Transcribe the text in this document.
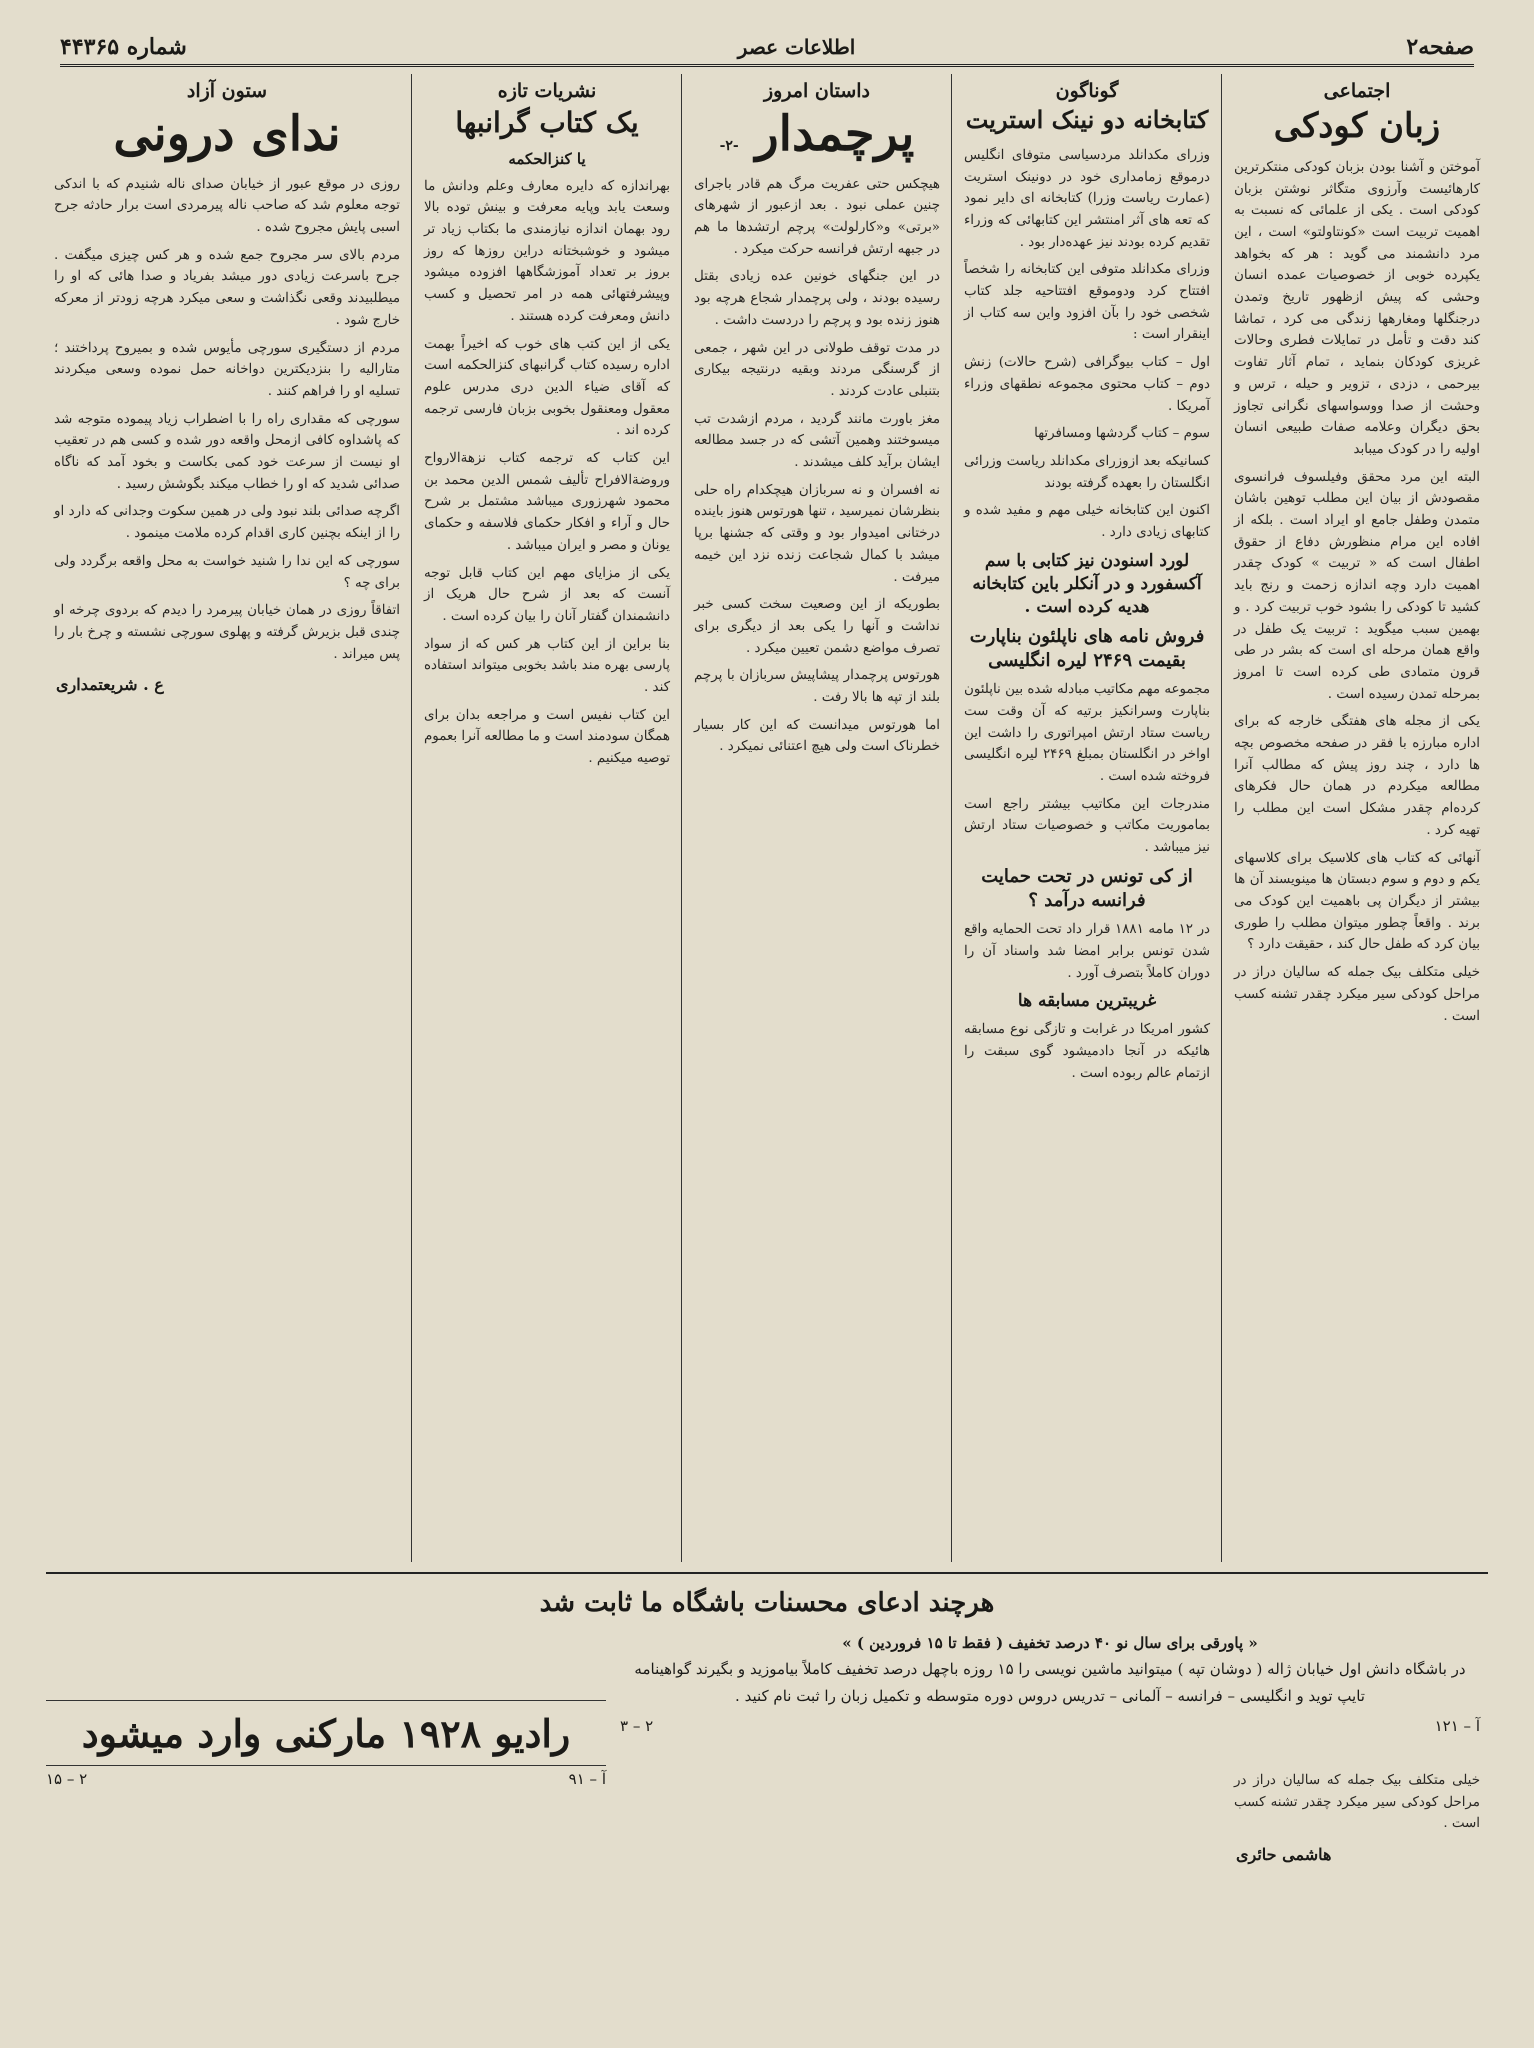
صفحه۲
اطلاعات عصر
شماره ۴۴۳۶۵
اجتماعی
زبان کودکی

آموختن و آشنا بودن بزبان کودکی منتکرترین کارهائیست وآرزوی متگاثر نوشتن بزبان کودکی است . یکی از علمائی که نسبت به اهمیت تربیت است «کونتاولتو» است ، این مرد دانشمند می گوید : هر که بخواهد یکپرده خوبی از خصوصیات عمده انسان وحشی که پیش ازظهور تاریخ وتمدن درجنگلها ومغارهها زندگی می کرد ، تماشا کند دقت و تأمل در تمایلات فطری وحالات غریزی کودکان بنماید ، تمام آثار تفاوت بیرحمی ، دزدی ، تزویر و حیله ، ترس و وحشت از صدا ووسواسهای نگرانی تجاوز بحق دیگران وعلامه صفات طبیعی انسان اولیه را در کودک میبابد

البته این مرد محقق وفیلسوف فرانسوی مقصودش از بیان این مطلب توهین باشان متمدن وطفل جامع او ایراد است . بلکه از افاده این مرام منظورش دفاع از حقوق اطفال است که « تربیت » کودک چقدر اهمیت دارد وچه اندازه زحمت و رنج باید کشید تا کودکی را بشود خوب تربیت کرد . و بهمین سبب میگوید : تربیت یک طفل در واقع همان مرحله ای است که بشر در طی قرون متمادی طی کرده است تا امروز بمرحله تمدن رسیده است .

یکی از مجله های هفتگی خارجه که برای اداره مبارزه با فقر در صفحه مخصوص بچه ها دارد ، چند روز پیش که مطالب آنرا مطالعه میکردم در همان حال فکرهای کرده‌ام چقدر مشکل است این مطلب را تهیه کرد .

آنهائی که کتاب های کلاسیک برای کلاسهای یکم و دوم و سوم دبستان ها مینویسند آن ها بیشتر از دیگران پی باهمیت این کودک می برند . واقعاً چطور میتوان مطلب را طوری بیان کرد که طفل حال کند ، حقیقت دارد ؟

خیلی متکلف بیک جمله که سالیان دراز در مراحل کودکی سیر میکرد چقدر تشنه کسب است .

گوناگون
کتابخانه دو نینک استریت

وزرای مکدانلد مردسیاسی متوفای انگلیس درموقع زمامداری خود در دونینک استریت (عمارت ریاست وزرا) کتابخانه ای دایر نمود که تعه های آثر امنتشر این کتابهائی که وزراء تقدیم کرده بودند نیز عهده‌دار بود .

وزرای مکدانلد متوفی این کتابخانه را شخصاً افتتاح کرد ودوموقع افتتاحیه جلد کتاب شخصی خود را بآن افزود واین سه کتاب از اینقرار است :

اول – کتاب بیوگرافی (شرح حالات) زنش دوم – کتاب محتوی مجموعه نطقهای وزراء آمریکا .

سوم – کتاب گردشها ومسافرتها

کسانیکه بعد ازوزرای مکدانلد ریاست وزرائی انگلستان را بعهده گرفته بودند

اکنون این کتابخانه خیلی مهم و مفید شده و کتابهای زیادی دارد .

لورد اسنودن نیز کتابی با سم آکسفورد و در آنکلر باین کتابخانه هدیه کرده است .
فروش نامه های ناپلئون بناپارت بقیمت ۲۴۶۹ لیره انگلیسی

مجموعه مهم مکاتیب مبادله شده بین ناپلئون بناپارت وسرانکیز برتیه که آن وقت ست ریاست ستاد ارتش امپراتوری را داشت این اواخر در انگلستان بمبلغ ۲۴۶۹ لیره انگلیسی فروخته شده است .

مندرجات این مکاتیب بیشتر راجع است بماموریت مکاتب و خصوصیات ستاد ارتش نیز میباشد .

از کی تونس در تحت حمایت فرانسه درآمد ؟

در ۱۲ مامه ۱۸۸۱ قرار داد تحت الحمایه واقع شدن تونس برابر امضا شد واسناد آن را دوران کاملاً بتصرف آورد .

غریبترین مسابقه ها

کشور امریکا در غرابت و تازگی نوع مسابقه هائیکه در آنجا دادمیشود گوی سبقت را ازتمام عالم ربوده است .

داستان امروز
پرچمدار -۲-

هیچکس حتی عفریت مرگ هم قادر باجرای چنین عملی نبود . بعد ازعبور از شهرهای «برتی» و«کارلولت» پرچم ارتشدها ما هم در جبهه ارتش فرانسه حرکت میکرد .

در این جنگهای خونین عده زیادی بقتل رسیده بودند ، ولی پرچمدار شجاع هرچه بود هنوز زنده بود و پرچم را دردست داشت .

در مدت توقف طولانی در این شهر ، جمعی از گرسنگی مردند وبقیه درنتیجه بیکاری بتنبلی عادت کردند .

مغز باورت مانند گردید ، مردم ازشدت تب میسوختند وهمین آتشی که در جسد مطالعه ایشان برآید کلف میشدند .

نه افسران و نه سربازان هیچکدام راه حلی بنظرشان نمیرسید ، تنها هورتوس هنوز باینده درختانی امیدوار بود و وقتی که جشنها برپا میشد با کمال شجاعت زنده نزد این خیمه میرفت .

بطوریکه از این وصعیت سخت کسی خبر نداشت و آنها را یکی بعد از دیگری برای تصرف مواضع دشمن تعیین میکرد .

هورتوس پرچمدار پیشاپیش سربازان با پرچم بلند از تپه ها بالا رفت .

اما هورتوس میدانست که این کار بسیار خطرناک است ولی هیچ اعتنائی نمیکرد .

نشریات تازه
یک کتاب گرانبها
یا کنزالحکمه

بهراندازه که دایره معارف وعلم ودانش ما وسعت یابد وپایه معرفت و بینش توده بالا رود بهمان اندازه نیازمندی ما بکتاب زیاد تر میشود و خوشبختانه دراین روزها که روز بروز بر تعداد آموزشگاهها افزوده میشود وپیشرفتهائی همه در امر تحصیل و کسب دانش ومعرفت کرده هستند .

یکی از این کتب های خوب که اخیراً بهمت اداره رسیده کتاب گرانبهای کنزالحکمه است که آقای ضیاء الدین دری مدرس علوم معقول ومعنقول بخوبی بزبان فارسی ترجمه کرده اند .

این کتاب که ترجمه کتاب نزهةالارواح وروضةالافراح تألیف شمس الدین محمد بن محمود شهرزوری میباشد مشتمل بر شرح حال و آراء و افکار حکمای فلاسفه و حکمای یونان و مصر و ایران میباشد .

یکی از مزایای مهم این کتاب قابل توجه آنست که بعد از شرح حال هریک از دانشمندان گفتار آنان را بیان کرده است .

بنا براین از این کتاب هر کس که از سواد پارسی بهره مند باشد بخوبی میتواند استفاده کند .

این کتاب نفیس است و مراجعه بدان برای همگان سودمند است و ما مطالعه آنرا بعموم توصیه میکنیم .

ستون آزاد
ندای درونی

روزی در موقع عبور از خیابان صدای ناله شنیدم که با اندکی توجه معلوم شد که صاحب ناله پیرمردی است برار حادثه جرح اسبی پایش مجروح شده .

مردم بالای سر مجروح جمع شده و هر کس چیزی میگفت . جرح باسرعت زیادی دور میشد بفریاد و صدا هائی که او را میطلبیدند وقعی نگذاشت و سعی میکرد هرچه زودتر از معرکه خارج شود .

مردم از دستگیری سورچی مأیوس شده و بمیروح پرداختند ؛ متاراليه را بنزدیکترین دواخانه حمل نموده وسعی میکردند تسلیه او را فراهم کنند .

سورچی که مقداری راه را با اضطراب زیاد پیموده متوجه شد که پاشداوه کافی ازمحل واقعه دور شده و کسی هم در تعقیب او نیست از سرعت خود کمی بکاست و بخود آمد که ناگاه صدائی شدید که او را خطاب میکند بگوشش رسید .

اگرچه صدائی بلند نبود ولی در همین سکوت وجدانی که دارد او را از اینکه بچنین کاری اقدام کرده ملامت مینمود .

سورچی که این ندا را شنید خواست به محل واقعه برگردد ولی برای چه ؟

اتفاقاً روزی در همان خیابان پیرمرد را دیدم که بردوی چرخه او چندی قبل بزیرش گرفته و پهلوی سورچی نشسته و چرخ بار را پس میراند .

ع . شریعتمداری
هرچند ادعای محسنات باشگاه ما ثابت شد
« پاورقی برای سال نو ۴۰ درصد تخفیف ( فقط تا ۱۵ فروردین ) »
در باشگاه دانش اول خیابان ژاله ( دوشان تپه ) میتوانید ماشین نویسی را ۱۵ روزه باچهل درصد تخفیف کاملاً بیاموزید و بگیرند گواهینامه تایپ توید و انگلیسی – فرانسه – آلمانی – تدریس دروس دوره متوسطه و تکمیل زبان را ثبت نام کنید .
آ – ۱۲۱
۲ – ۳

خیلی متکلف بیک جمله که سالیان دراز در مراحل کودکی سیر میکرد چقدر تشنه کسب است .

هاشمی حائری
رادیو ۱۹۲۸ مارکنی وارد میشود
آ – ۹۱
۲ – ۱۵
